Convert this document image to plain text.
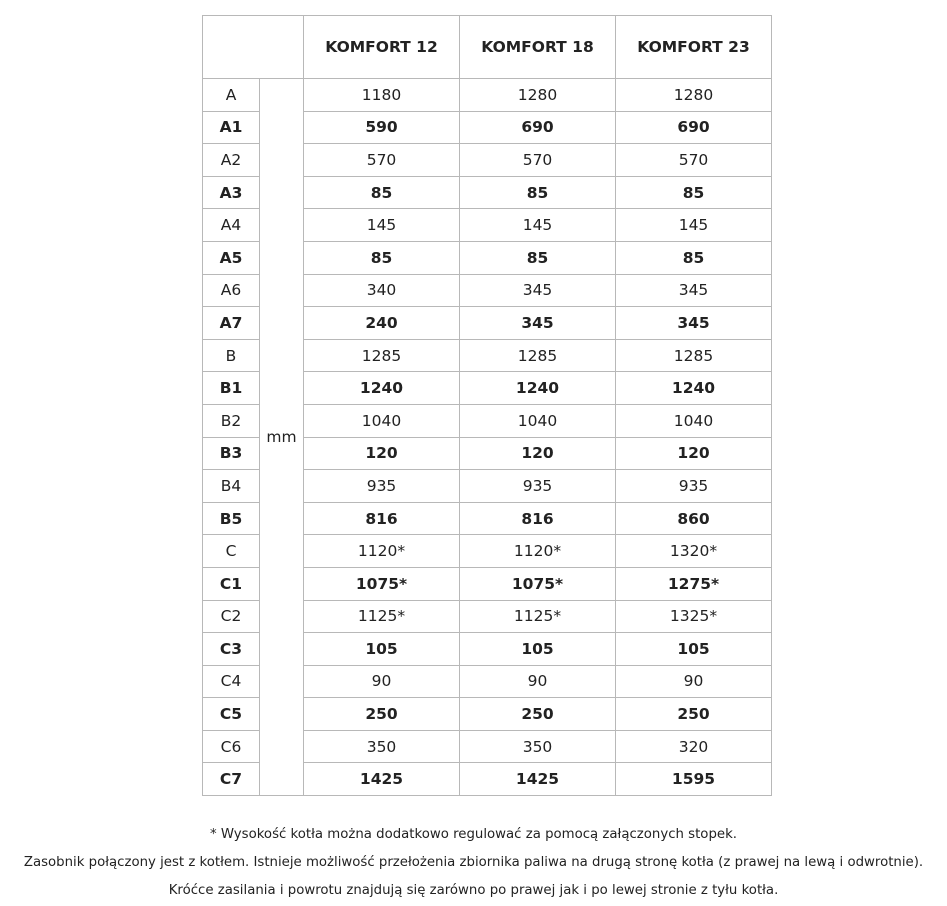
		KOMFORT 12	KOMFORT 18	KOMFORT 23
A	mm	1180	1280	1280
A1		590	690	690
A2		570	570	570
A3		85	85	85
A4		145	145	145
A5		85	85	85
A6		340	345	345
A7		240	345	345
B		1285	1285	1285
B1		1240	1240	1240
B2		1040	1040	1040
B3		120	120	120
B4		935	935	935
B5		816	816	860
C		1120*	1120*	1320*
C1		1075*	1075*	1275*
C2		1125*	1125*	1325*
C3		105	105	105
C4		90	90	90
C5		250	250	250
C6		350	350	320
C7		1425	1425	1595

* Wysokość kotła można dodatkowo regulować za pomocą załączonych stopek.

Zasobnik połączony jest z kotłem. Istnieje możliwość przełożenia zbiornika paliwa na drugą stronę kotła (z prawej na lewą i odwrotnie).

Króćce zasilania i powrotu znajdują się zarówno po prawej jak i po lewej stronie z tyłu kotła.
